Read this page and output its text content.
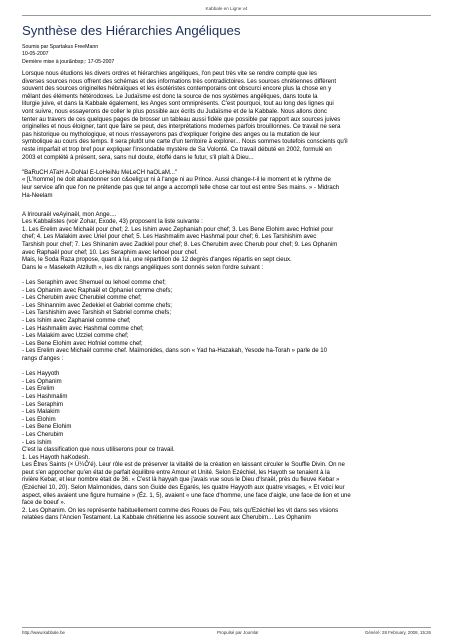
Kabbale en Ligne v4
Synthèse des Hiérarchies Angéliques
Soumis par Spartakus FreeMann
10-05-2007
Dernière mise à jour&nbsp;: 17-05-2007

Lorsque nous étudions les divers ordres et hiérarchies angéliques, l'on peut très vite se rendre compte que les

diverses sources nous offrent des schémas et des informations très contradictoires. Les sources chrétiennes diffèrent

souvent des sources originelles hébraïques et les ésotéristes contemporains ont obscurci encore plus la chose en y

mêlant des éléments hétérodoxes. Le Judaïsme est donc la source de nos systèmes angéliques, dans toute la

liturgie juive, et dans la Kabbale également, les Anges sont omniprésents. C'est pourquoi, tout au long des lignes qui

vont suivre, nous essayerons de coller le plus possible aux écrits du Judaïsme et de la Kabbale. Nous allons donc

tenter au travers de ces quelques pages de brosser un tableau aussi fidèle que possible par rapport aux sources juives

originelles et nous éloigner, tant que faire se peut, des interprétations modernes parfois brouillonnes. Ce travail ne sera

pas historique ou mythologique, et nous n'essayerons pas d'expliquer l'origine des anges ou la mutation de leur

symbolique au cours des temps. Il sera plutôt une carte d'un territoire à explorer... Nous sommes toutefois conscients qu'il

reste imparfait et trop bref pour expliquer l'insondable mystère de Sa Volonté. Ce travail débuté en 2002, formulé en

2003 et complété à présent, sera, sans nul doute, étoffé dans le futur, s'il plaît à Dieu...

"BaRuCH ATaH A-DoNaI E-LoHeiNu MeLeCH haOLaM..."

« [L'homme] ne doit abandonner son c&oelig;ur ni à l'ange ni au Prince. Aussi change-t-il le moment et le rythme de

leur service afin que l'on ne prétende pas que tel ange a accompli telle chose car tout est entre Ses mains. » - Midrach

Ha-Neelam

A Irirouraël veAyinaël, mon Ange....

Les Kabbalistes (voir Zohar, Exode, 43) proposent la liste suivante :

1. Les Erelim avec Michaël pour chef; 2. Les Ishim avec Zephaniah pour chef; 3. Les Bene Elohim avec Hofniel pour

chef; 4. Les Malakim avec Uriel pour chef; 5. Les Hashmalim avec Hashmal pour chef; 6. Les Tarshishim avec

Tarshish pour chef; 7. Les Shinanim avec Zadkiel pour chef; 8. Les Cherubim avec Cherub pour chef; 9. Les Ophanim

avec Raphaël pour chef; 10. Les Seraphim avec Iehoel pour chef.

Mais, le Soda Raza propose, quant à lui, une répartition de 12 degrés d'anges répartis en sept cieux.

Dans le « Maseketh Atziluth », les dix rangs angéliques sont donnés selon l'ordre suivant :

- Les Seraphim avec Shemuel ou Iehoel comme chef;
- Les Ophanim avec Raphaël et Ophaniel comme chefs;
- Les Cherubim avec Cherubiel comme chef;
- Les Shinannim avec Zedekiel et Gabriel comme chefs;
- Les Tarshishim avec Tarshish et Sabriel comme chefs;
- Les Ishim avec Zaphaniel comme chef;
- Les Hashmalim avec Hashmal comme chef;
- Les Malakim avec Uzziel comme chef;
- Les Bene Elohim avec Hofniel comme chef;
- Les Erelim avec Michaël comme chef. Maïmonides, dans son « Yad ha-Hazakah, Yesode ha-Torah » parle de 10
rangs d'anges :
- Les Hayyoth
- Les Ophanim
- Les Erelim
- Les Hashmalim
- Les Seraphim
- Les Malakim
- Les Elohim
- Les Bene Elohim
- Les Cherubim
- Les Ishim

C'est la classification que nous utiliserons pour ce travail.

1. Les Hayoth haKodesh.

Les Êtres Saints (× Ù¼Ô'é). Leur rôle est de préserver la vitalité de la création en laissant circuler le Souffle Divin. On ne

peut s'en approcher qu'en état de parfait équilibre entre Amour et Unité. Selon Ezéchiel, les Hayoth se tenaient à la

rivière Kebar, et leur nombre était de 36. « C'est là hayyah que j'avais vue sous le Dieu d'Israël, près du fleuve Kebar »

(Ezéchiel 10, 20). Selon Maïmonides, dans son Guide des Egarés, les quatre Hayyoth aux quatre visages, « Et voici leur

aspect, elles avaient une figure humaine » (Éz. 1, 5), avaient « une face d'homme, une face d'aigle, une face de lion et une

face de boeuf ».

2. Les Ophanim. On les représente habituellement comme des Roues de Feu, tels qu'Ezéchiel les vit dans ses visions

relatées dans l'Ancien Testament. La Kabbale chrétienne les associe souvent aux Cherubim... Les Ophanim

http://www.kabbale.be	Propulsé par Joomla!	Généré: 28 February, 2008, 15:26
